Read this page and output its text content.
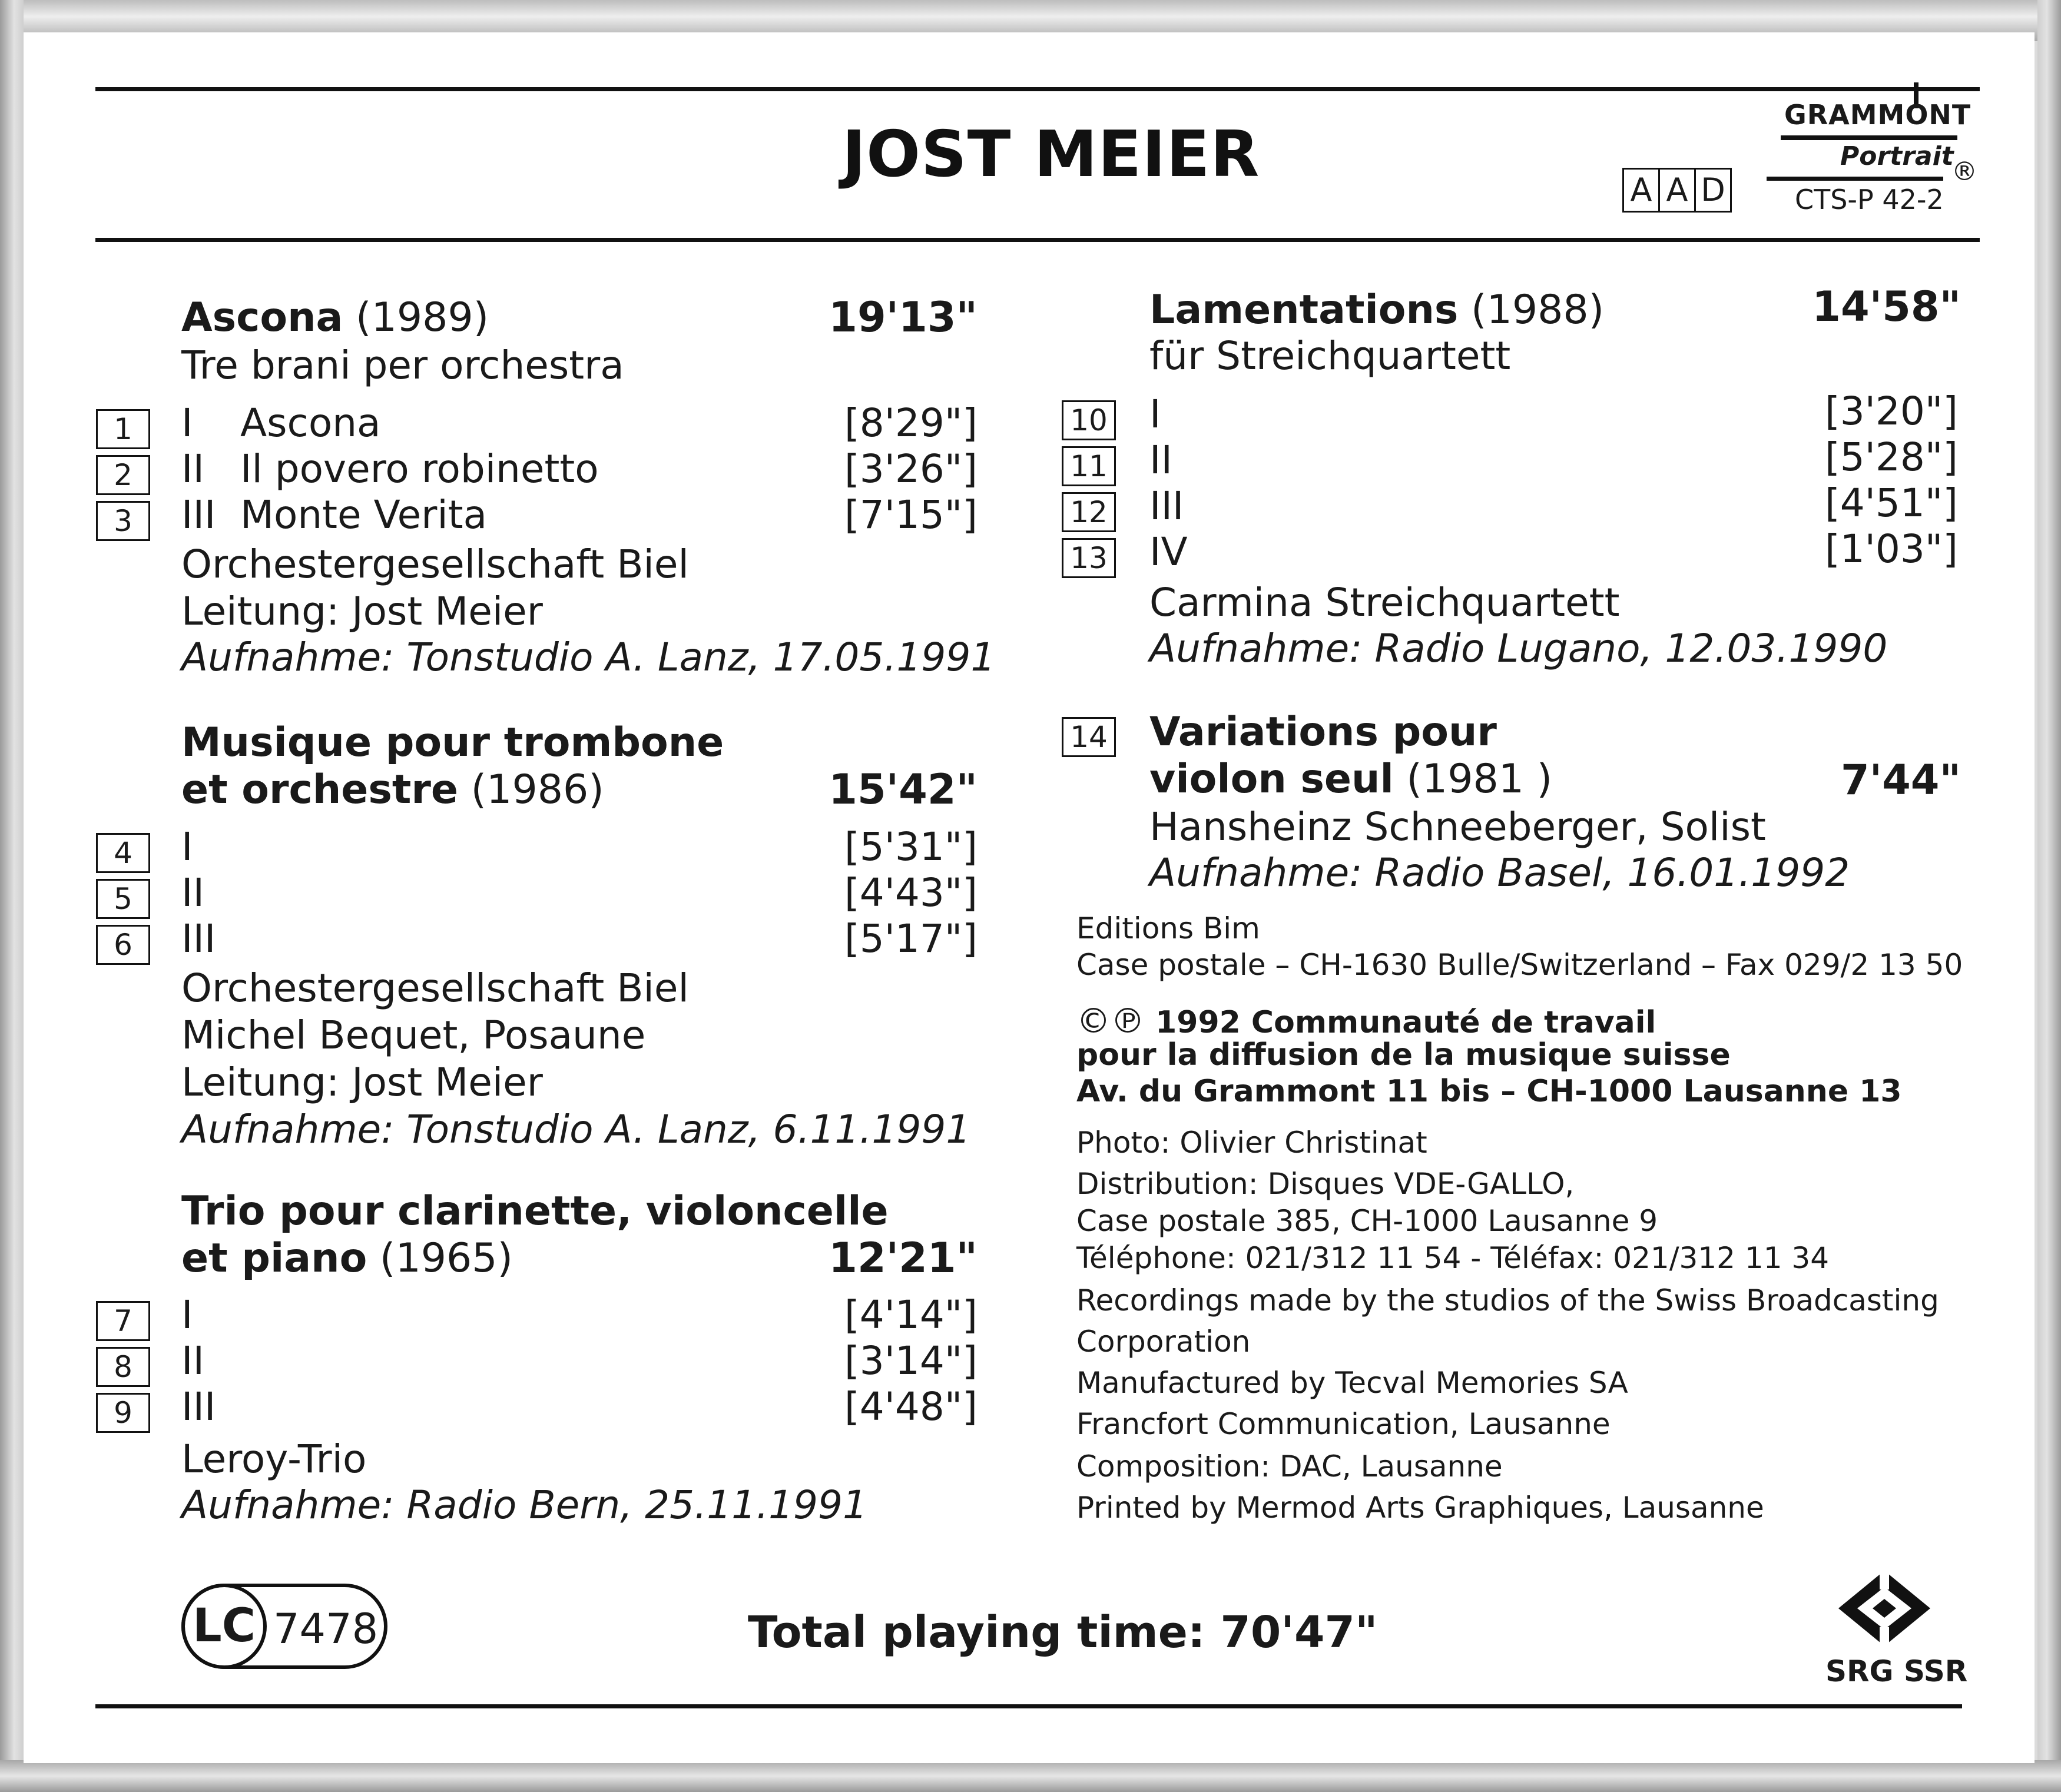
JOST MEIER
GRAMMONT
Portrait
®
CTS-P 42-2
A A D
Ascona (1989)	19'13"
Tre brani per orchestra
1	I Ascona	[8'29"]
2	II Il povero robinetto	[3'26"]
3	III Monte Verita	[7'15"]
Orchestergesellschaft Biel
Leitung: Jost Meier
Aufnahme: Tonstudio A. Lanz, 17.05.1991
Musique pour trombone
et orchestre (1986)	15'42"
4	I	[5'31"]
5	II	[4'43"]
6	III	[5'17"]
Orchestergesellschaft Biel
Michel Bequet, Posaune
Leitung: Jost Meier
Aufnahme: Tonstudio A. Lanz, 6.11.1991
Trio pour clarinette, violoncelle
et piano (1965)	12'21"
7	I	[4'14"]
8	II	[3'14"]
9	III	[4'48"]
Leroy-Trio
Aufnahme: Radio Bern, 25.11.1991
Lamentations (1988)	14'58"
für Streichquartett
10 I	[3'20"]
11 II	[5'28"]
12 III	[4'51"]
13 IV	[1'03"]
Carmina Streichquartett
Aufnahme: Radio Lugano, 12.03.1990
14 Variations pour
violon seul (1981 )	7'44"
Hansheinz Schneeberger, Solist
Aufnahme: Radio Basel, 16.01.1992
Editions Bim
Case postale – CH-1630 Bulle/Switzerland – Fax 029/2 13 50
©℗ 1992 Communauté de travail
pour la diffusion de la musique suisse
Av. du Grammont 11 bis – CH-1000 Lausanne 13
Photo: Olivier Christinat
Distribution: Disques VDE-GALLO,
Case postale 385, CH-1000 Lausanne 9
Téléphone: 021/312 11 54 - Téléfax: 021/312 11 34
Recordings made by the studios of the Swiss Broadcasting
Corporation
Manufactured by Tecval Memories SA
Francfort Communication, Lausanne
Composition: DAC, Lausanne
Printed by Mermod Arts Graphiques, Lausanne
LC 7478	Total playing time: 70'47"
SRG SSR
